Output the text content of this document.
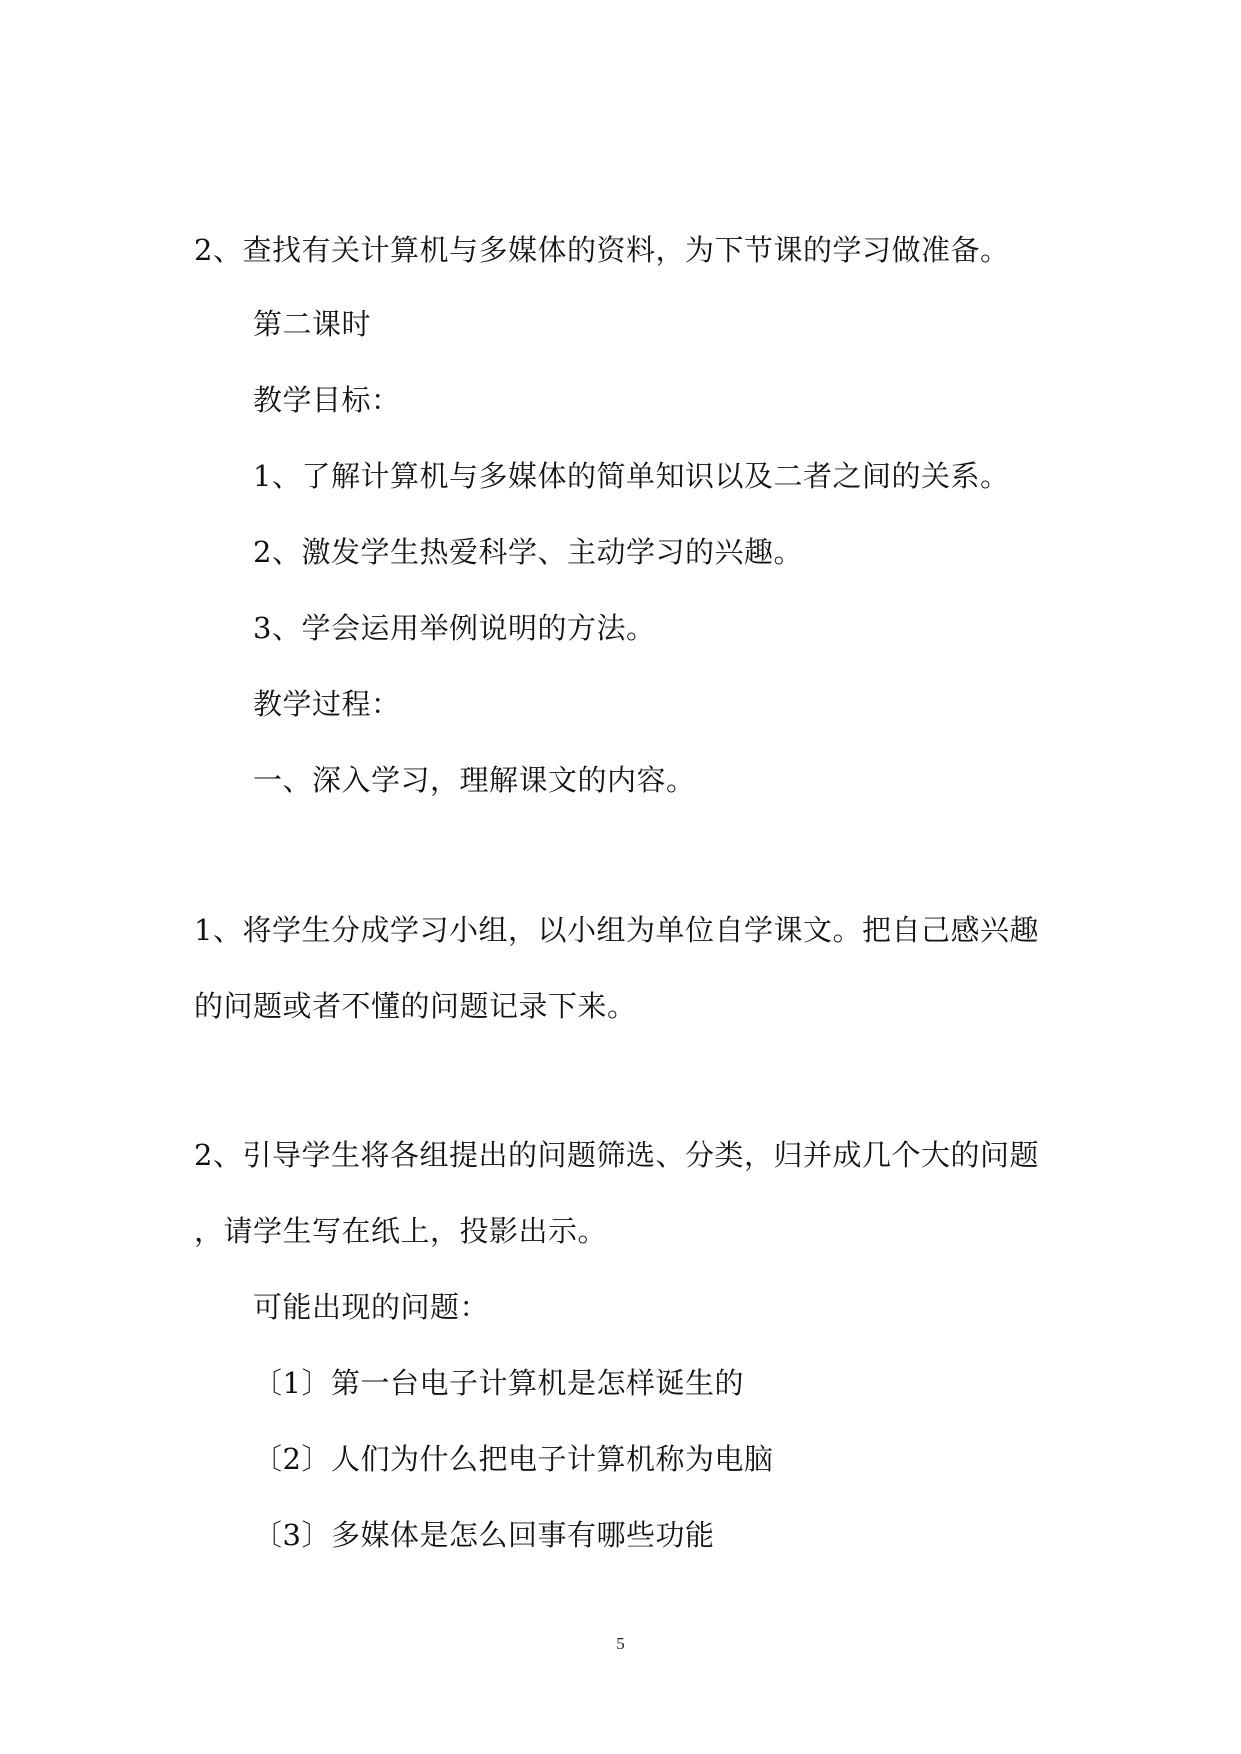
2、查找有关计算机与多媒体的资料，为下节课的学习做准备。
第二课时
教学目标：
1、了解计算机与多媒体的简单知识以及二者之间的关系。
2、激发学生热爱科学、主动学习的兴趣。
3、学会运用举例说明的方法。
教学过程：
一、深入学习，理解课文的内容。
1、将学生分成学习小组，以小组为单位自学课文。把自己感兴趣
的问题或者不懂的问题记录下来。
2、引导学生将各组提出的问题筛选、分类，归并成几个大的问题
，请学生写在纸上，投影出示。
可能出现的问题：
〔1〕第一台电子计算机是怎样诞生的
〔2〕人们为什么把电子计算机称为电脑
〔3〕多媒体是怎么回事有哪些功能
5
